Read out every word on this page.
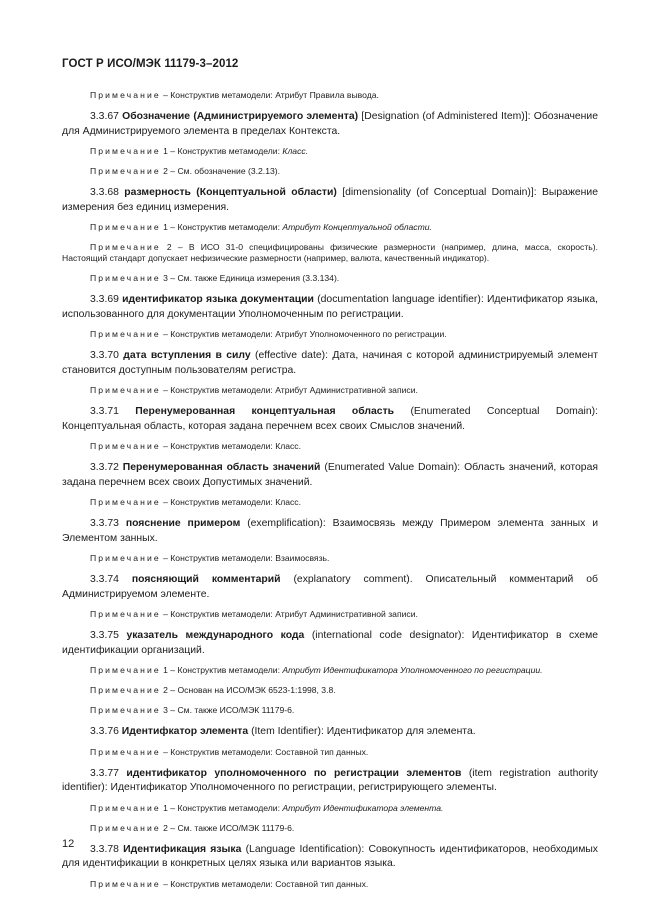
ГОСТ Р ИСО/МЭК 11179-3–2012

Примечание – Конструктив метамодели: Атрибут Правила вывода.

3.3.67 Обозначение (Администрируемого элемента) [Designation (of Administered Item)]: Обозначение для Администрируемого элемента в пределах Контекста.

Примечание 1 – Конструктив метамодели: Класс.

Примечание 2 – См. обозначение (3.2.13).

3.3.68 размерность (Концептуальной области) [dimensionality (of Conceptual Domain)]: Выражение измерения без единиц измерения.

Примечание 1 – Конструктив метамодели: Атрибут Концептуальной области.

Примечание 2 – В ИСО 31-0 специфицированы физические размерности (например, длина, масса, скорость). Настоящий стандарт допускает нефизические размерности (например, валюта, качественный индикатор).

Примечание 3 – См. также Единица измерения (3.3.134).

3.3.69 идентификатор языка документации (documentation language identifier): Идентификатор языка, использованного для документации Уполномоченным по регистрации.

Примечание – Конструктив метамодели: Атрибут Уполномоченного по регистрации.

3.3.70 дата вступления в силу (effective date): Дата, начиная с которой администрируемый элемент становится доступным пользователям регистра.

Примечание – Конструктив метамодели: Атрибут Административной записи.

3.3.71 Перенумерованная концептуальная область (Enumerated Conceptual Domain): Концептуальная область, которая задана перечнем всех своих Смыслов значений.

Примечание – Конструктив метамодели: Класс.

3.3.72 Перенумерованная область значений (Enumerated Value Domain): Область значений, которая задана перечнем всех своих Допустимых значений.

Примечание – Конструктив метамодели: Класс.

3.3.73 пояснение примером (exemplification): Взаимосвязь между Примером элемента занных и Элементом занных.

Примечание – Конструктив метамодели: Взаимосвязь.

3.3.74 поясняющий комментарий (explanatory comment). Описательный комментарий об Администрируемом элементе.

Примечание – Конструктив метамодели: Атрибут Административной записи.

3.3.75 указатель международного кода (international code designator): Идентификатор в схеме идентификации организаций.

Примечание 1 – Конструктив метамодели: Атрибут Идентификатора Уполномоченного по регистрации.

Примечание 2 – Основан на ИСО/МЭК 6523-1:1998, 3.8.

Примечание 3 – См. также ИСО/МЭК 11179-6.

3.3.76 Идентифкатор элемента (Item Identifier): Идентификатор для элемента.

Примечание – Конструктив метамодели: Составной тип данных.

3.3.77 идентификатор уполномоченного по регистрации элементов (item registration authority identifier): Идентификатор Уполномоченного по регистрации, регистрирующего элементы.

Примечание 1 – Конструктив метамодели: Атрибут Идентификатора элемента.

Примечание 2 – См. также ИСО/МЭК 11179-6.

3.3.78 Идентификация языка (Language Identification): Совокупность идентификаторов, необходимых для идентификации в конкретных целях языка или вариантов языка.

Примечание – Конструктив метамодели: Составной тип данных.

12
